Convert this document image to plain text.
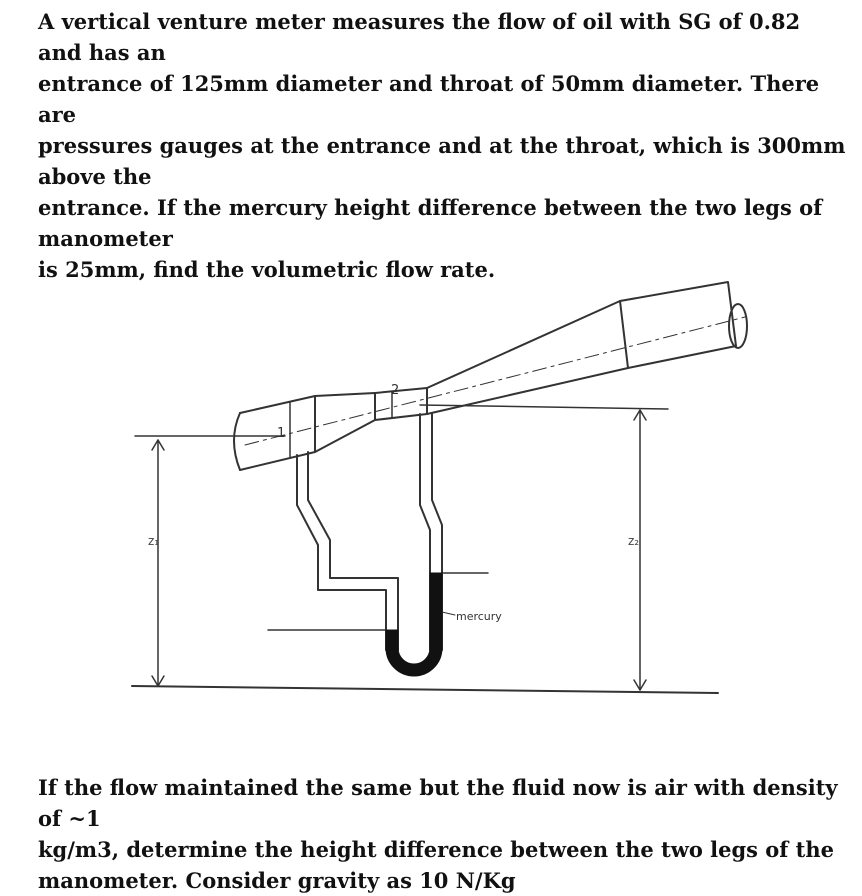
A vertical venture meter measures the flow of oil with SG of 0.82 and has an
entrance of 125mm diameter and throat of 50mm diameter. There are
pressures gauges at the entrance and at the throat, which is 300mm above the
entrance. If the mercury height difference between the two legs of manometer
is 25mm, find the volumetric flow rate.
1
2
z₁	z₂
mercury
If the flow maintained the same but the fluid now is air with density of ~1
kg/m3, determine the height difference between the two legs of the
manometer. Consider gravity as 10 N/Kg
